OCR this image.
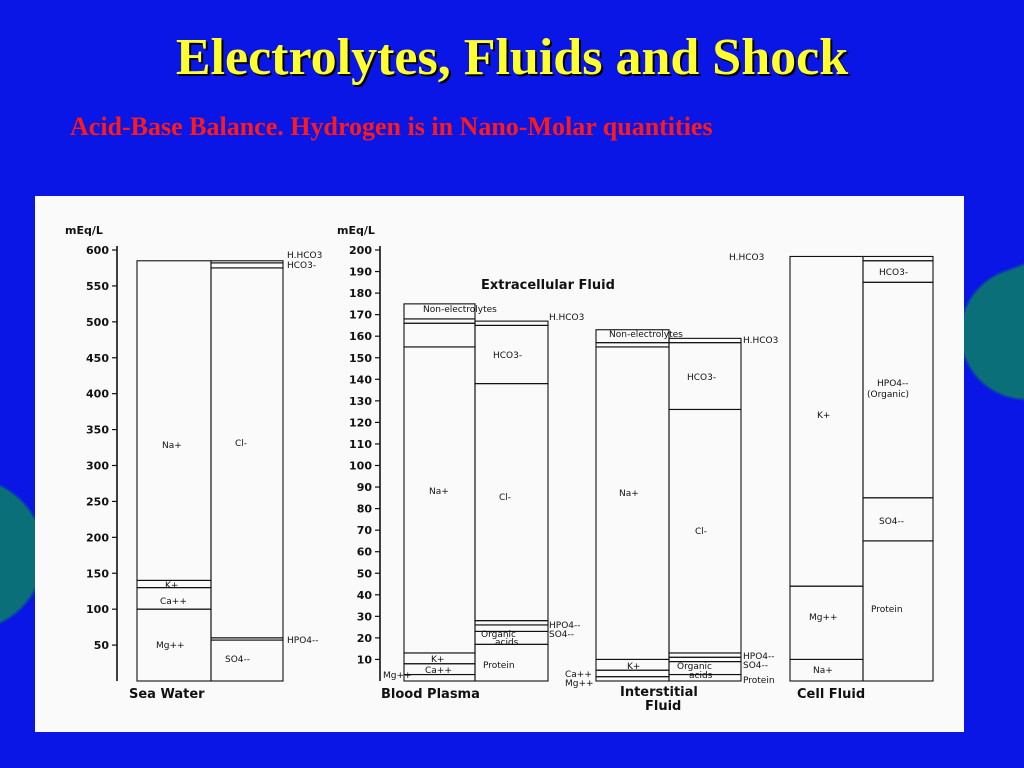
Electrolytes, Fluids and Shock
Acid-Base Balance. Hydrogen is in Nano-Molar quantities
50
100
150
200
250
300
350
400
450
500
550
600
10
20
30
40
50
60
70
80
90
100
110
120
130
140
150
160
170
180
190
200
mEq/L	mEq/L
Extracellular Fluid
Sea Water	Blood Plasma	Interstitial
Fluid
Cell Fluid
Na+
K+
Ca++
Mg++
Cl-
SO4--
HPO4--
H.HCO3
HCO3-
Non-electrolytes
H.HCO3
HCO3-
Na+
Cl-
HPO4--
SO4--
Organic
acids
Protein
K+
Ca++
Mg++
Non-electrolytes
H.HCO3
HCO3-
Na+
Cl-
HPO4--
SO4--
Organic
acids	Protein
K+
Ca++
Mg++
H.HCO3
HCO3-
K+
HPO4--
(Organic)
SO4--
Protein
Mg++
Na+
